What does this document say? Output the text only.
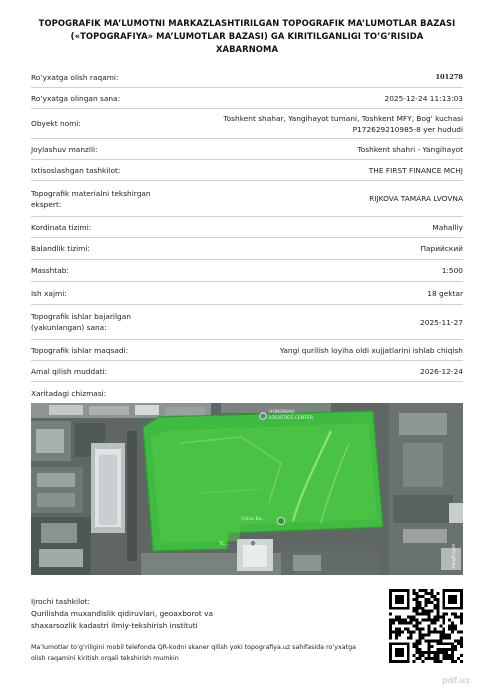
TOPOGRAFIK MA’LUMOTNI MARKAZLASHTIRILGAN TOPOGRAFIK MA’LUMOTLAR BAZASI
(«TOPOGRAFIYA» MA’LUMOTLAR BAZASI) GA KIRITILGANLIGI TO’G’RISIDA
XABARNOMA
Ro’yxatga olish raqami:	101278
Ro’yxatga olingan sana:	2025-12-24 11:13:03
Obyekt nomi:
Toshkent shahar, Yangihayot tumani, Toshkent MFY, Bog' kuchasi
P172629210985-8 yer hududi
Joylashuv manzili:	Toshkent shahri - Yangihayot
Ixtisoslashgan tashkilot:	THE FIRST FINANCE MCHJ
Topografik materialni tekshirgan
ekspert:
RIJKOVA TAMARA LVOVNA
Kordinata tizimi:	Mahalliy
Balandlik tizimi:	Парийский
Masshtab:	1:500
Ish xajmi:	18 gektar
Topografik ishlar bajarilgan
(yakunlangan) sana:
2025-11-27
Topografik ishlar maqsadi:	Yangi qurilish loyiha oldi xujjatlarini ishlab chiqish
Amal qilish muddati:	2026-12-24
Xaritadagi chizmasi:
HONGNIAO
LOGISTICS CENTER
China Ba...
TC...	Yangihayot
Ijrochi tashkilot:
Qurilishda muxandislik qidiruvlari, geoaxborot va
shaxarsozlik kadastri ilmiy-tekshirish instituti
Ma’lumotlar to’g’riligini mobil telefonda QR-kodni skaner qilish yoki topografiya.uz sahifasida ro’yxatga
olish raqamini kiritish orqali tekshirish mumkin
pdf.uz
